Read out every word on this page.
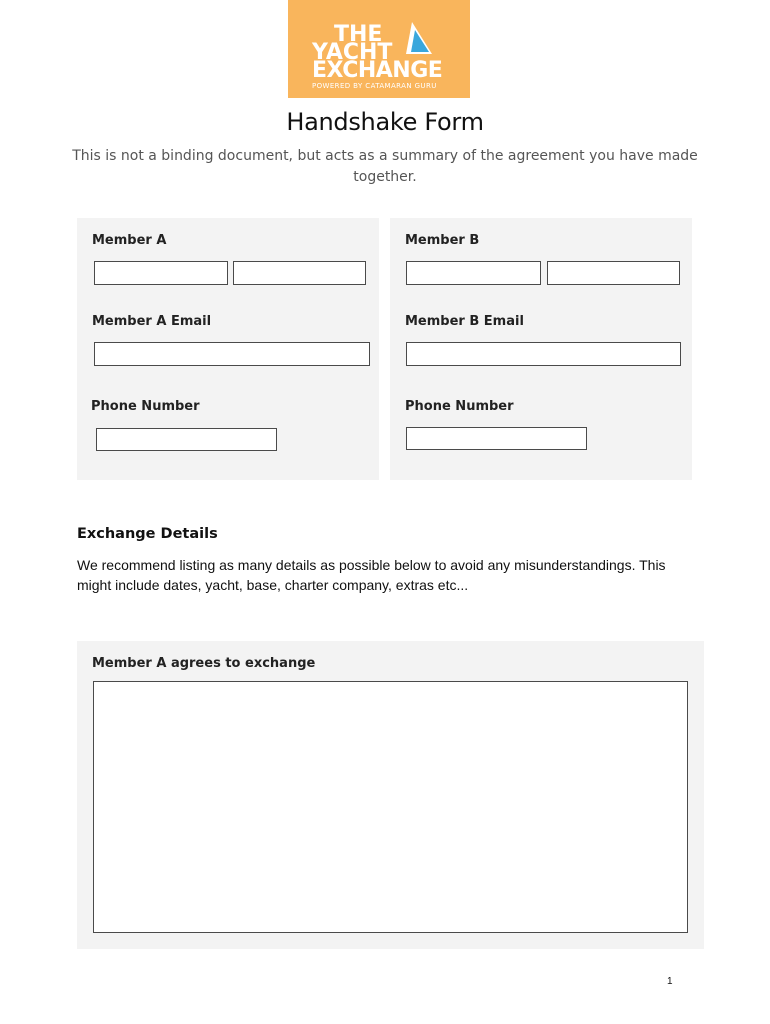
THE
YACHT
EXCHANGE
POWERED BY CATAMARAN GURU
Handshake Form
This is not a binding document, but acts as a summary of the agreement you have made together.
Member A
Member A Email
Phone Number
Member B
Member B Email
Phone Number
Exchange Details
We recommend listing as many details as possible below to avoid any misunderstandings. This might include dates, yacht, base, charter company, extras etc...
Member A agrees to exchange
1
